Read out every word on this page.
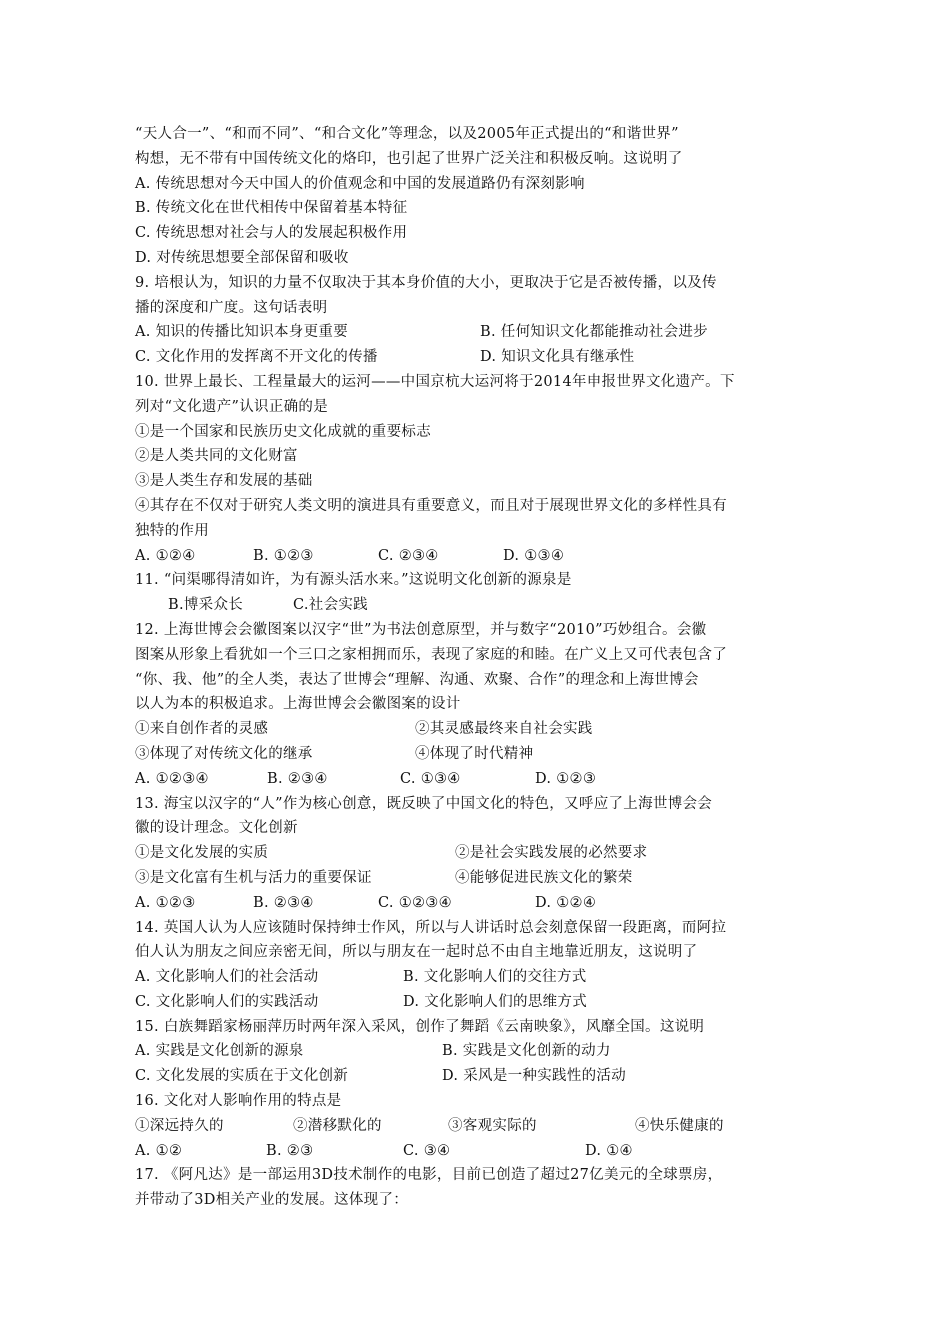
“天人合一”、“和而不同”、“和合文化”等理念，以及2005年正式提出的“和谐世界”
构想，无不带有中国传统文化的烙印，也引起了世界广泛关注和积极反响。这说明了
A. 传统思想对今天中国人的价值观念和中国的发展道路仍有深刻影响
B. 传统文化在世代相传中保留着基本特征
C. 传统思想对社会与人的发展起积极作用
D. 对传统思想要全部保留和吸收
9. 培根认为，知识的力量不仅取决于其本身价值的大小，更取决于它是否被传播，以及传
播的深度和广度。这句话表明
A. 知识的传播比知识本身更重要	B. 任何知识文化都能推动社会进步
C. 文化作用的发挥离不开文化的传播	D. 知识文化具有继承性
10. 世界上最长、工程量最大的运河——中国京杭大运河将于2014年申报世界文化遗产。下
列对“文化遗产”认识正确的是
①是一个国家和民族历史文化成就的重要标志
②是人类共同的文化财富
③是人类生存和发展的基础
④其存在不仅对于研究人类文明的演进具有重要意义，而且对于展现世界文化的多样性具有
独特的作用
A. ①②④	B. ①②③	C. ②③④	D. ①③④
11. “问渠哪得清如许，为有源头活水来。”这说明文化创新的源泉是
B.博采众长	C.社会实践
12. 上海世博会会徽图案以汉字“世”为书法创意原型，并与数字“2010”巧妙组合。会徽
图案从形象上看犹如一个三口之家相拥而乐，表现了家庭的和睦。在广义上又可代表包含了
“你、我、他”的全人类，表达了世博会“理解、沟通、欢聚、合作”的理念和上海世博会
以人为本的积极追求。上海世博会会徽图案的设计
①来自创作者的灵感	②其灵感最终来自社会实践
③体现了对传统文化的继承	④体现了时代精神
A. ①②③④	B. ②③④	C. ①③④	D. ①②③
13. 海宝以汉字的“人”作为核心创意，既反映了中国文化的特色，又呼应了上海世博会会
徽的设计理念。文化创新
①是文化发展的实质	②是社会实践发展的必然要求
③是文化富有生机与活力的重要保证	④能够促进民族文化的繁荣
A. ①②③	B. ②③④	C. ①②③④	D. ①②④
14. 英国人认为人应该随时保持绅士作风，所以与人讲话时总会刻意保留一段距离，而阿拉
伯人认为朋友之间应亲密无间，所以与朋友在一起时总不由自主地靠近朋友，这说明了
A. 文化影响人们的社会活动	B. 文化影响人们的交往方式
C. 文化影响人们的实践活动	D. 文化影响人们的思维方式
15. 白族舞蹈家杨丽萍历时两年深入采风，创作了舞蹈《云南映象》，风靡全国。这说明
A. 实践是文化创新的源泉	B. 实践是文化创新的动力
C. 文化发展的实质在于文化创新	D. 采风是一种实践性的活动
16. 文化对人影响作用的特点是
①深远持久的	②潜移默化的	③客观实际的	④快乐健康的
A. ①②	B. ②③	C. ③④	D. ①④
17. 《阿凡达》是一部运用3D技术制作的电影，目前已创造了超过27亿美元的全球票房，
并带动了3D相关产业的发展。这体现了：
